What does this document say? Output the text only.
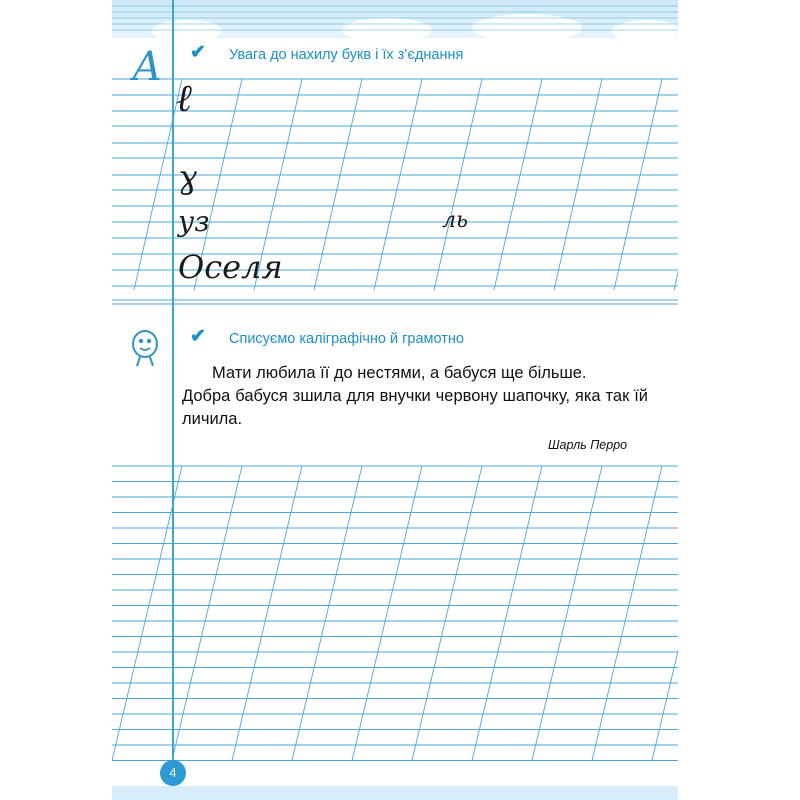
А ✔	Увага до нахилу букв і їх з’єднання
ℓ
ɣ
уз	ль
Оселя
✔	Списуємо каліграфічно й грамотно

Мати любила її до нестями, а бабуся ще більше.

Добра бабуся зшила для внучки червону шапочку, яка так їй личила.

Шарль Перро
4
